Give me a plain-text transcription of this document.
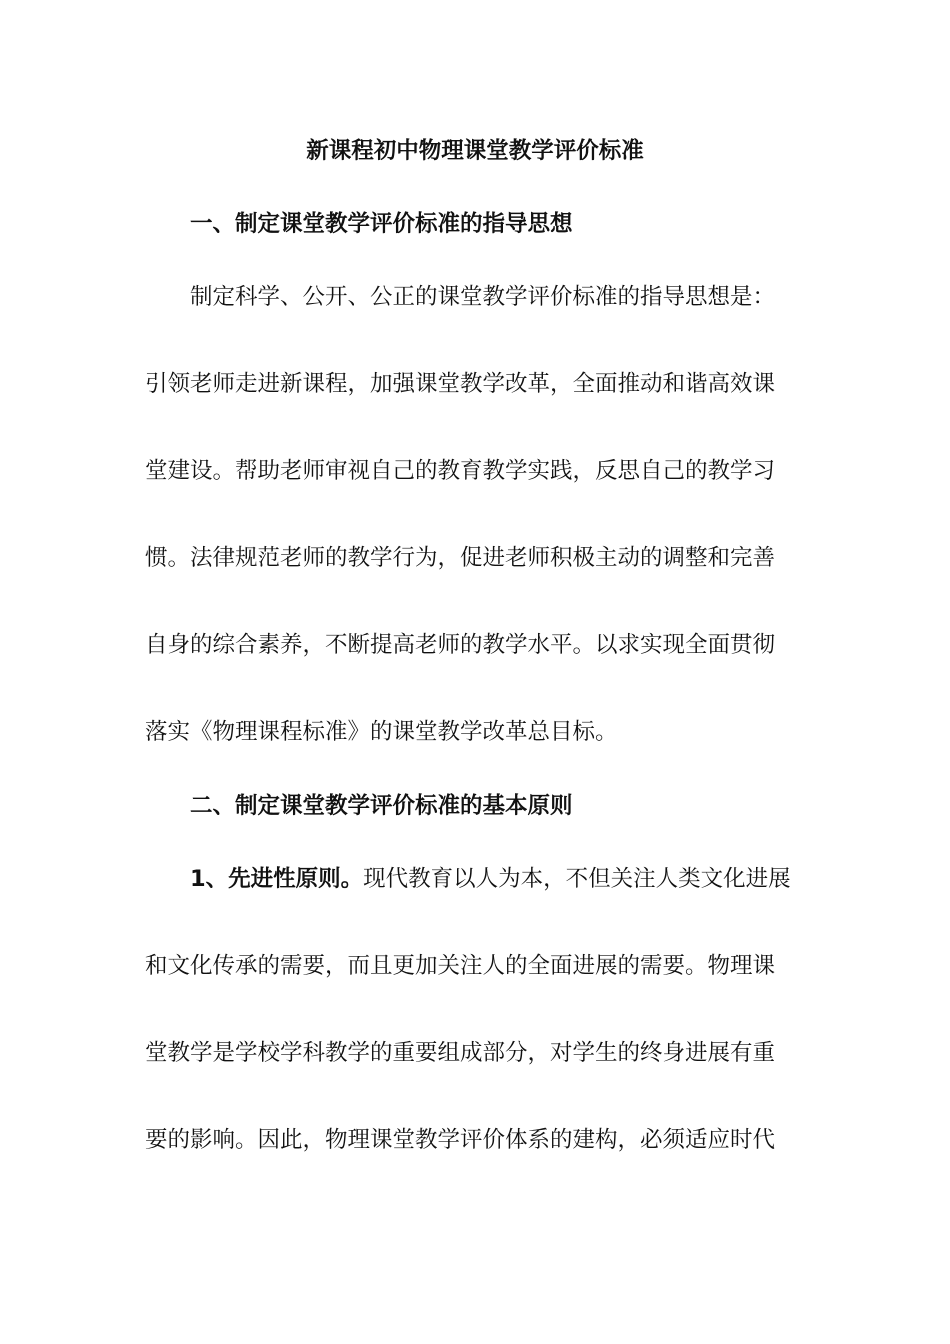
新课程初中物理课堂教学评价标准
一、制定课堂教学评价标准的指导思想
制定科学、公开、公正的课堂教学评价标准的指导思想是：
引领老师走进新课程，加强课堂教学改革，全面推动和谐高效课
堂建设。帮助老师审视自己的教育教学实践，反思自己的教学习
惯。法律规范老师的教学行为，促进老师积极主动的调整和完善
自身的综合素养，不断提高老师的教学水平。以求实现全面贯彻
落实《物理课程标准》的课堂教学改革总目标。
二、制定课堂教学评价标准的基本原则
1、先进性原则。现代教育以人为本，不但关注人类文化进展
和文化传承的需要，而且更加关注人的全面进展的需要。物理课
堂教学是学校学科教学的重要组成部分，对学生的终身进展有重
要的影响。因此，物理课堂教学评价体系的建构，必须适应时代
